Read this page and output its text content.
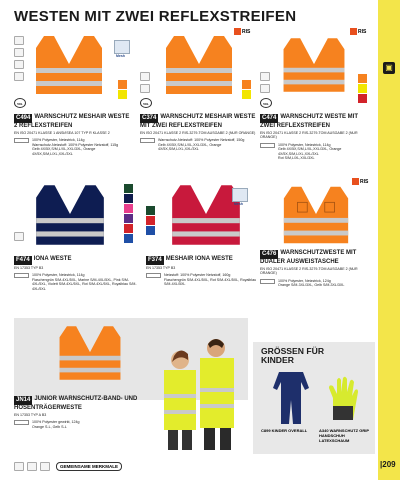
▣
WESTEN MIT ZWEI REFLEXSTREIFEN
Mesh
5XL
C494 WARNSCHUTZ MESHAIR WESTE 2 REFLEXSTREIFEN
EN ISO 20471 KLASSE 1 ANSI/ISEA 107 TYP R KLASSE 2
100% Polyester, Netzstrick, 114g
Warnschutz-Netzstoff: 100% Polyester Netzstoff, 115g
Gelb 4X/5X,S/M,L/XL,XXL/3XL, Orange 4X/5X,S/M,L/XL,XXL/3XL
RIS
5XL
C374 WARNSCHUTZ MESHAIR WESTE MIT ZWEI REFLEXSTREIFEN
EN ISO 20471 KLASSE 2 RIS-3279-TOM AUSGABE 2 (NUR ORANGE)
Warnschutz-Netzstoff: 100% Polyester Netzstoff, 150g
Gelb 4X/5X,S/M,L/XL,XXL/3XL, Orange 4X/5X,S/M,L/XL,XXL/3XL
RIS
5XL
C474 WARNSCHUTZ WESTE MIT ZWEI REFLEXSTREIFEN
EN ISO 20471 KLASSE 2 RIS-3279-TOM AUSGABE 2 (NUR ORANGE)
100% Polyester, Netzstrick, 114g
Gelb 4X/5X,S/M,L/XL,XXL/3XL, Orange 4X/5X,S/M,L/XL,XXL/3XL
Rot S/M,L/XL,XXL/3XL
F474 IONA WESTE
EN 17353 TYP B3
100% Polyester, Netzstrick, 114g
Flaschengrün S/M-4XL/5XL, Marine S/M-4XL/5XL, Pink S/M-4XL/5XL, Violett S/M-4XL/5XL, Rot S/M-4XL/5XL, Royalblau S/M-4XL/5XL
Mesh
F374 MESHAIR IONA WESTE
EN 17353 TYP B3
Netzstoff: 100% Polyester Netzstoff, 160g
Flaschengrün S/M-4XL/5XL, Rot S/M-4XL/5XL, Royalblau S/M-4XL/5XL
RIS
C476 WARNSCHUTZWESTE MIT DUALER AUSWEISTASCHE
EN ISO 20471 KLASSE 2 RIS-3279-TOM AUSGABE 2 (NUR ORANGE)
100% Polyester, Netzstrick, 124g
Orange S/M-3XL/3XL, Gelb S/M-3XL/3XL
JN14 JUNIOR WARNSCHUTZ-BAND- UND HOSENTRÄGERWESTE
EN 17353 TYP A B3
100% Polyester gewirkt, 124g
Orange S-L, Gelb S-L
GRÖSSEN FÜR
KINDER
C899 KINDER OVERALL	A340 WARNSCHUTZ GRIP HANDSCHUH LATEXSCHAUM
GEMEINSAME MERKMALE	|209
